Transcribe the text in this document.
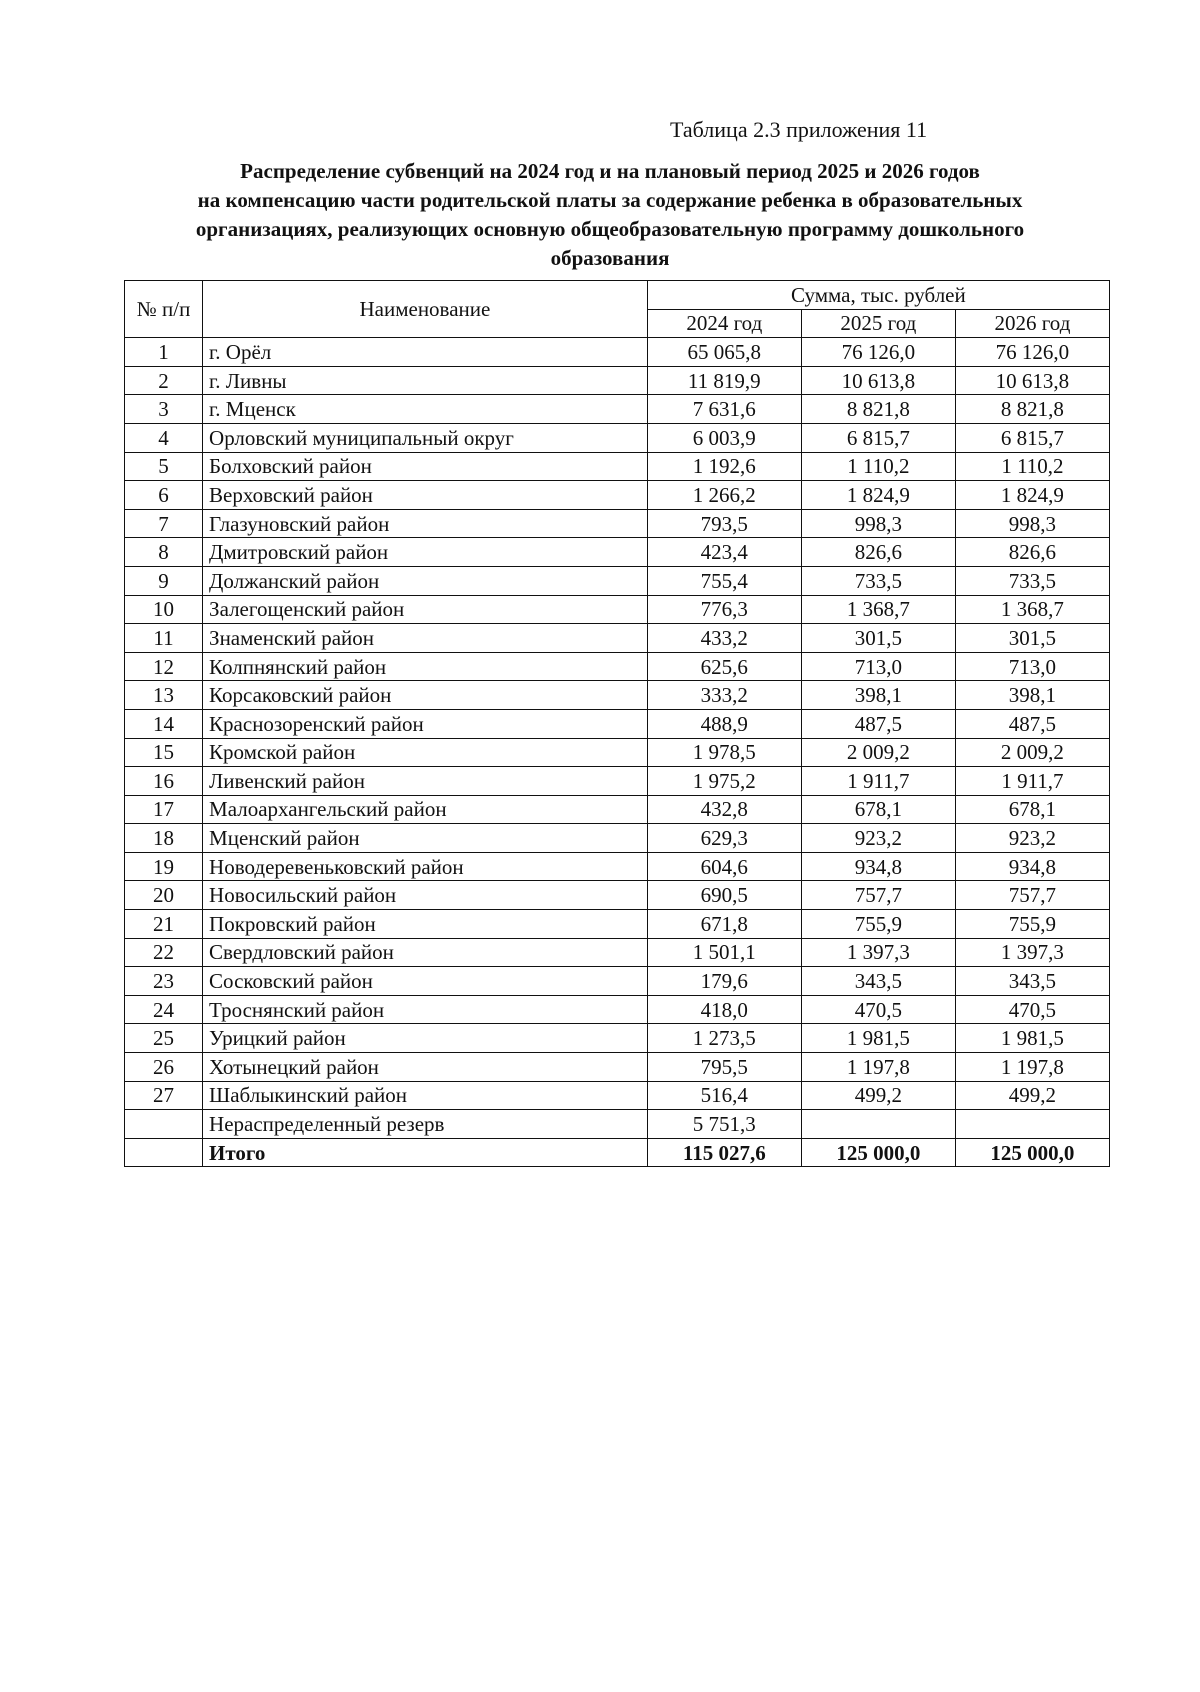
Таблица 2.3 приложения 11
Распределение субвенций на 2024 год и на плановый период 2025 и 2026 годов
на компенсацию части родительской платы за содержание ребенка в образовательных
организациях, реализующих основную общеобразовательную программу дошкольного
образования
№ п/п	Наименование	Сумма, тыс. рублей		
		2024 год	2025 год	2026 год
1	г. Орёл	65 065,8	76 126,0	76 126,0
2	г. Ливны	11 819,9	10 613,8	10 613,8
3	г. Мценск	7 631,6	8 821,8	8 821,8
4	Орловский муниципальный округ	6 003,9	6 815,7	6 815,7
5	Болховский район	1 192,6	1 110,2	1 110,2
6	Верховский район	1 266,2	1 824,9	1 824,9
7	Глазуновский район	793,5	998,3	998,3
8	Дмитровский район	423,4	826,6	826,6
9	Должанский район	755,4	733,5	733,5
10	Залегощенский район	776,3	1 368,7	1 368,7
11	Знаменский район	433,2	301,5	301,5
12	Колпнянский район	625,6	713,0	713,0
13	Корсаковский район	333,2	398,1	398,1
14	Краснозоренский район	488,9	487,5	487,5
15	Кромской район	1 978,5	2 009,2	2 009,2
16	Ливенский район	1 975,2	1 911,7	1 911,7
17	Малоархангельский район	432,8	678,1	678,1
18	Мценский район	629,3	923,2	923,2
19	Новодеревеньковский район	604,6	934,8	934,8
20	Новосильский район	690,5	757,7	757,7
21	Покровский район	671,8	755,9	755,9
22	Свердловский район	1 501,1	1 397,3	1 397,3
23	Сосковский район	179,6	343,5	343,5
24	Троснянский район	418,0	470,5	470,5
25	Урицкий район	1 273,5	1 981,5	1 981,5
26	Хотынецкий район	795,5	1 197,8	1 197,8
27	Шаблыкинский район	516,4	499,2	499,2
	Нераспределенный резерв	5 751,3		
	Итого	115 027,6	125 000,0	125 000,0
